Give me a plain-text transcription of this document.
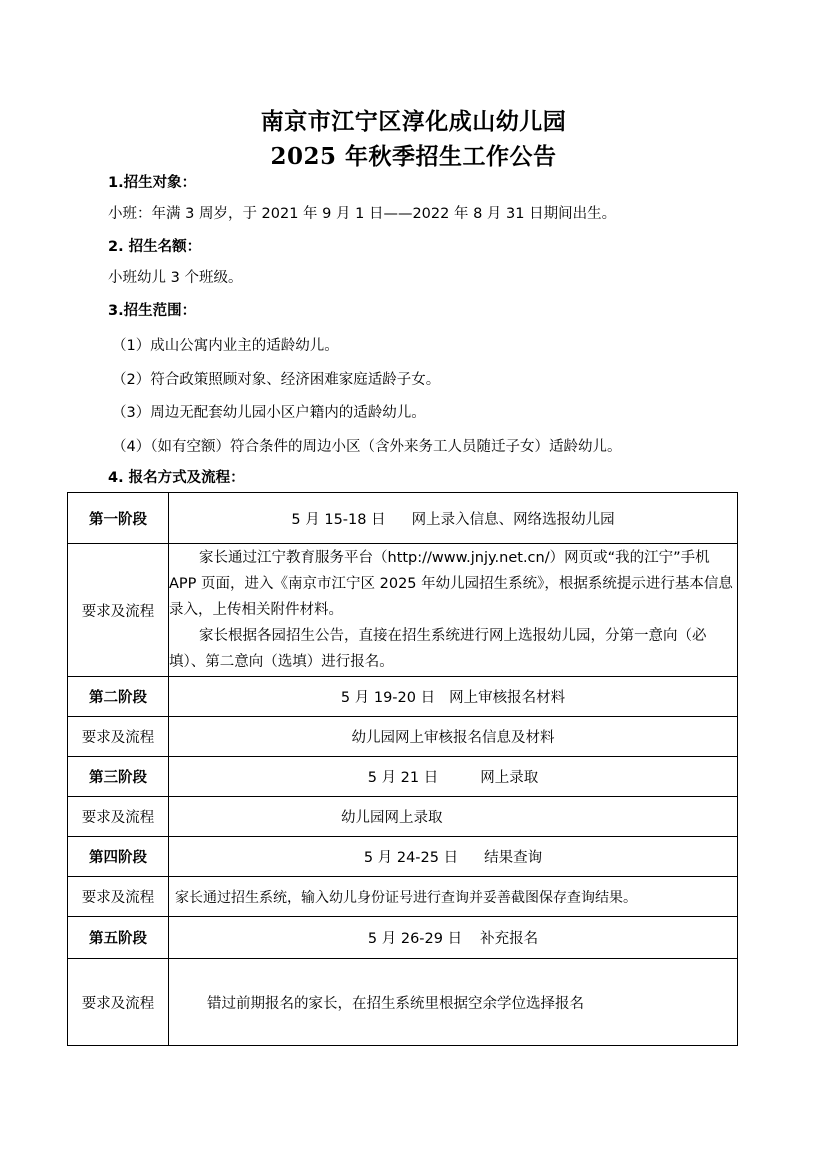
南京市江宁区淳化成山幼儿园
2025 年秋季招生工作公告
1.招生对象：
小班：年满 3 周岁，于 2021 年 9 月 1 日——2022 年 8 月 31 日期间出生。
2. 招生名额：
小班幼儿 3 个班级。
3.招生范围：
（1）成山公寓内业主的适龄幼儿。
（2）符合政策照顾对象、经济困难家庭适龄子女。
（3）周边无配套幼儿园小区户籍内的适龄幼儿。
（4）（如有空额）符合条件的周边小区（含外来务工人员随迁子女）适龄幼儿。
4. 报名方式及流程：
第一阶段	5 月 15-18 日 网上录入信息、网络选报幼儿园
要求及流程	家长通过江宁教育服务平台（http://www.jnjy.net.cn/）网页或“我的江宁”手机 APP 页面，进入《南京市江宁区 2025 年幼儿园招生系统》，根据系统提示进行基本信息录入，上传相关附件材料。
家长根据各园招生公告，直接在招生系统进行网上选报幼儿园，分第一意向（必填）、第二意向（选填）进行报名。

第二阶段	5 月 19-20 日 网上审核报名材料
要求及流程	幼儿园网上审核报名信息及材料
第三阶段	5 月 21 日 网上录取
要求及流程	幼儿园网上录取
第四阶段	5 月 24-25 日 结果查询
要求及流程	家长通过招生系统，输入幼儿身份证号进行查询并妥善截图保存查询结果。
第五阶段	5 月 26-29 日 补充报名
要求及流程	错过前期报名的家长，在招生系统里根据空余学位选择报名
